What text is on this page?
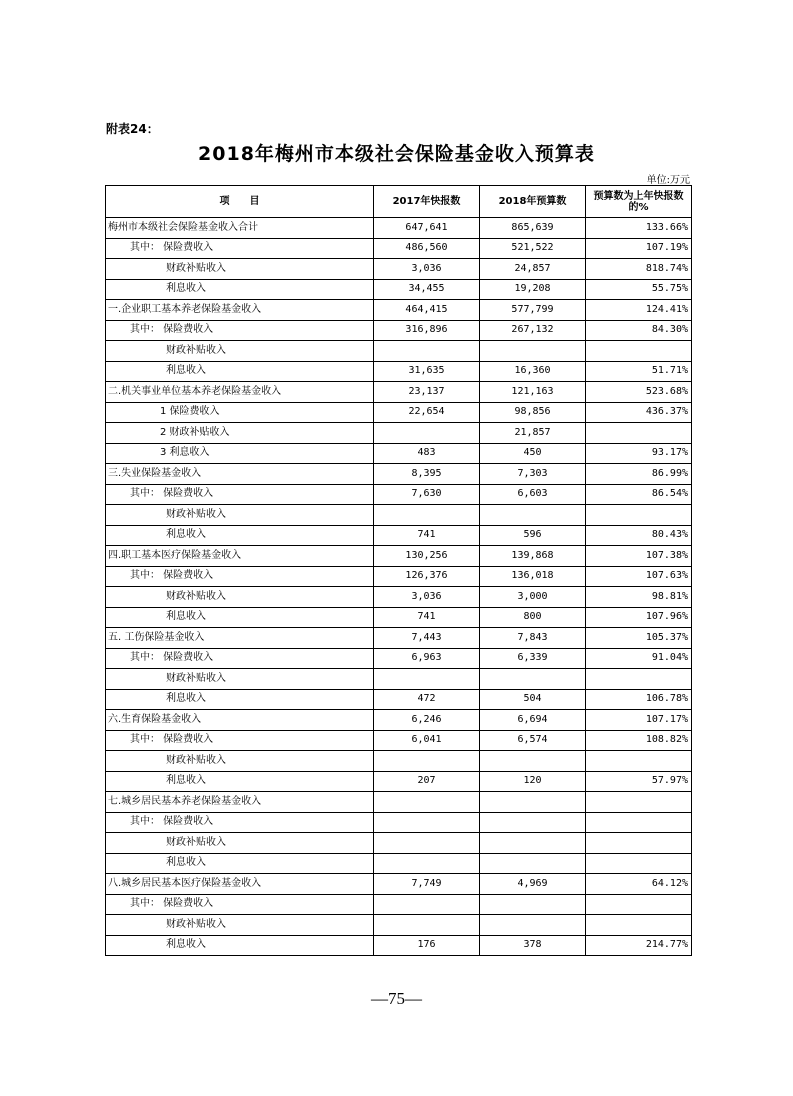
附表24：
2018年梅州市本级社会保险基金收入预算表
单位:万元
项　　目	2017年快报数	2018年预算数	预算数为上年快报数的%
梅州市本级社会保险基金收入合计	647,641	865,639	133.66%
其中： 保险费收入	486,560	521,522	107.19%
财政补贴收入	3,036	24,857	818.74%
利息收入	34,455	19,208	55.75%
一.企业职工基本养老保险基金收入	464,415	577,799	124.41%
其中： 保险费收入	316,896	267,132	84.30%
财政补贴收入			
利息收入	31,635	16,360	51.71%
二.机关事业单位基本养老保险基金收入	23,137	121,163	523.68%
1 保险费收入	22,654	98,856	436.37%
2 财政补贴收入		21,857	
3 利息收入	483	450	93.17%
三.失业保险基金收入	8,395	7,303	86.99%
其中： 保险费收入	7,630	6,603	86.54%
财政补贴收入			
利息收入	741	596	80.43%
四.职工基本医疗保险基金收入	130,256	139,868	107.38%
其中： 保险费收入	126,376	136,018	107.63%
财政补贴收入	3,036	3,000	98.81%
利息收入	741	800	107.96%
五. 工伤保险基金收入	7,443	7,843	105.37%
其中： 保险费收入	6,963	6,339	91.04%
财政补贴收入			
利息收入	472	504	106.78%
六.生育保险基金收入	6,246	6,694	107.17%
其中： 保险费收入	6,041	6,574	108.82%
财政补贴收入			
利息收入	207	120	57.97%
七.城乡居民基本养老保险基金收入			
其中： 保险费收入			
财政补贴收入			
利息收入			
八.城乡居民基本医疗保险基金收入	7,749	4,969	64.12%
其中： 保险费收入			
财政补贴收入			
利息收入	176	378	214.77%
—75—
